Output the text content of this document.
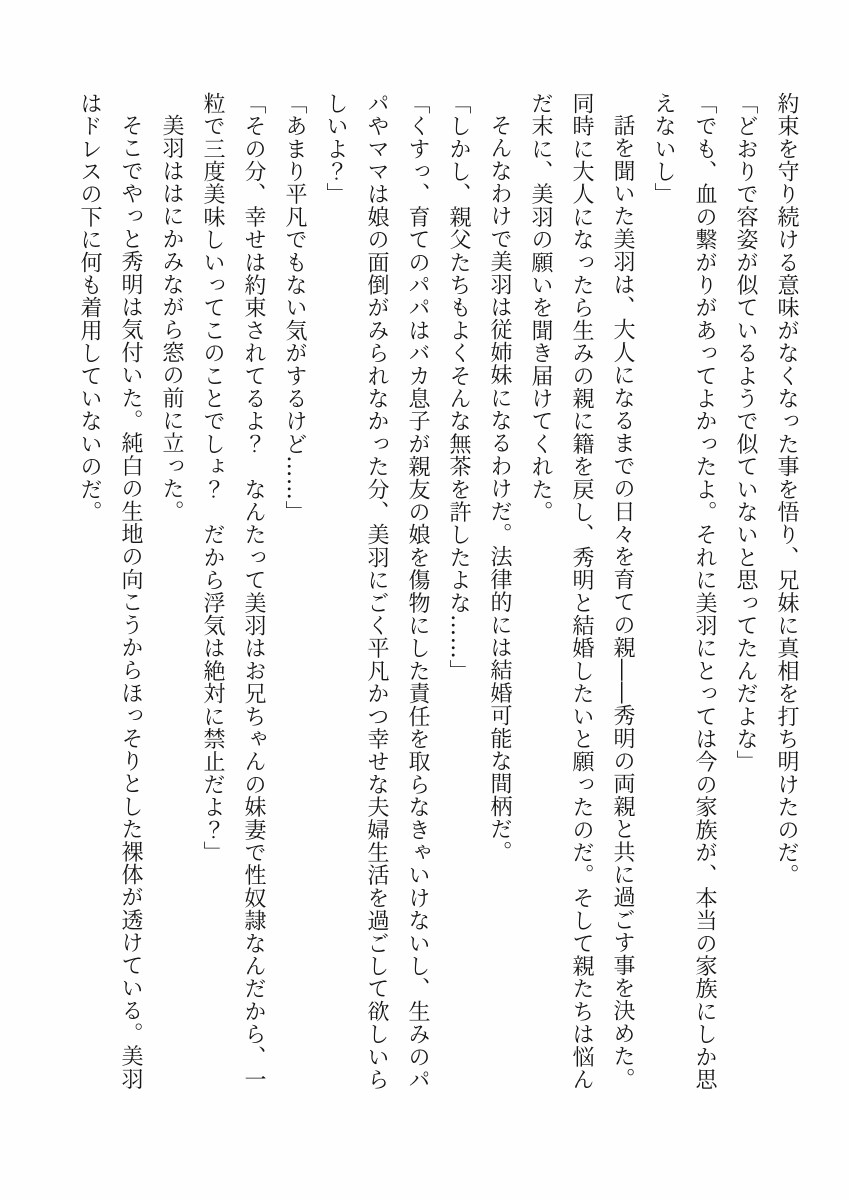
約束を守り続ける意味がなくなった事を悟り、兄妹に真相を打ち明けたのだ。

「どおりで容姿が似ているようで似ていないと思ってたんだよな」

「でも、血の繋がりがあってよかったよ。それに美羽にとっては今の家族が、本当の家族にしか思えないし」

話を聞いた美羽は、大人になるまでの日々を育ての親――秀明の両親と共に過ごす事を決めた。同時に大人になったら生みの親に籍を戻し、秀明と結婚したいと願ったのだ。そして親たちは悩んだ末に、美羽の願いを聞き届けてくれた。

そんなわけで美羽は従姉妹になるわけだ。法律的には結婚可能な間柄だ。

「しかし、親父たちもよくそんな無茶を許したよな……」

「くすっ、育てのパパはバカ息子が親友の娘を傷物にした責任を取らなきゃいけないし、生みのパパやママは娘の面倒がみられなかった分、美羽にごく平凡かつ幸せな夫婦生活を過ごして欲しいらしいよ？」

「あまり平凡でもない気がするけど……」

「その分、幸せは約束されてるよ？　なんたって美羽はお兄ちゃんの妹妻で性奴隷なんだから、一粒で三度美味しいってこのことでしょ？　だから浮気は絶対に禁止だよ？」

美羽ははにかみながら窓の前に立った。

そこでやっと秀明は気付いた。純白の生地の向こうからほっそりとした裸体が透けている。美羽はドレスの下に何も着用していないのだ。
